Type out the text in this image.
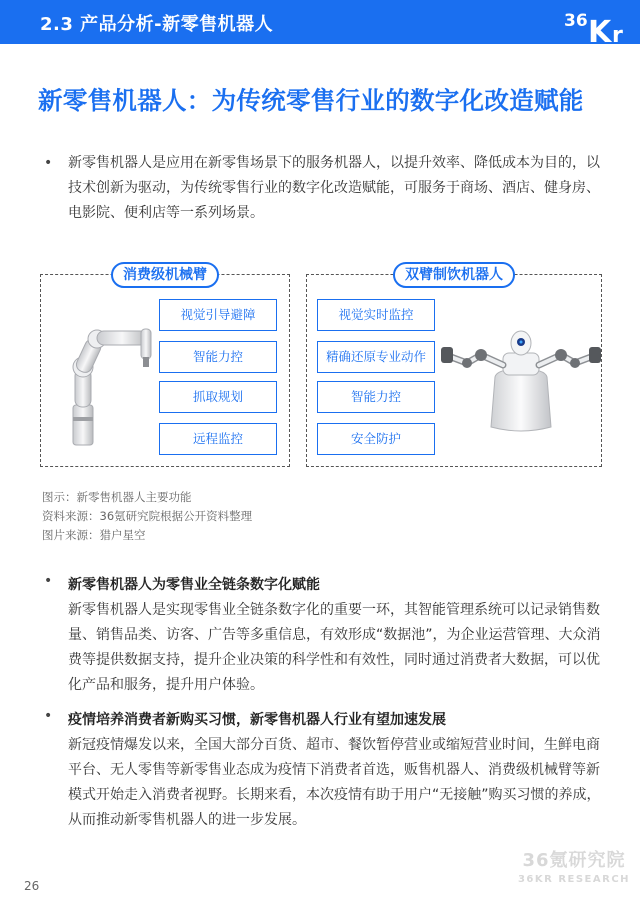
2.3 产品分析-新零售机器人	36 K r
新零售机器人：为传统零售行业的数字化改造赋能
• 新零售机器人是应用在新零售场景下的服务机器人，以提升效率、降低成本为目的，以技术创新为驱动，为传统零售行业的数字化改造赋能，可服务于商场、酒店、健身房、电影院、便利店等一系列场景。
消费级机械臂
视觉引导避障
智能力控
抓取规划
远程监控
双臂制饮机器人
视觉实时监控
精确还原专业动作
智能力控
安全防护
图示：新零售机器人主要功能
资料来源：36氪研究院根据公开资料整理
图片来源：猎户星空
• 新零售机器人为零售业全链条数字化赋能
新零售机器人是实现零售业全链条数字化的重要一环，其智能管理系统可以记录销售数量、销售品类、访客、广告等多重信息，有效形成“数据池”，为企业运营管理、大众消费等提供数据支持，提升企业决策的科学性和有效性，同时通过消费者大数据，可以优化产品和服务，提升用户体验。
• 疫情培养消费者新购买习惯，新零售机器人行业有望加速发展
新冠疫情爆发以来，全国大部分百货、超市、餐饮暂停营业或缩短营业时间，生鲜电商平台、无人零售等新零售业态成为疫情下消费者首选，贩售机器人、消费级机械臂等新模式开始走入消费者视野。长期来看，本次疫情有助于用户“无接触”购买习惯的养成，从而推动新零售机器人的进一步发展。
26
36氪研究院
36KR RESEARCH
